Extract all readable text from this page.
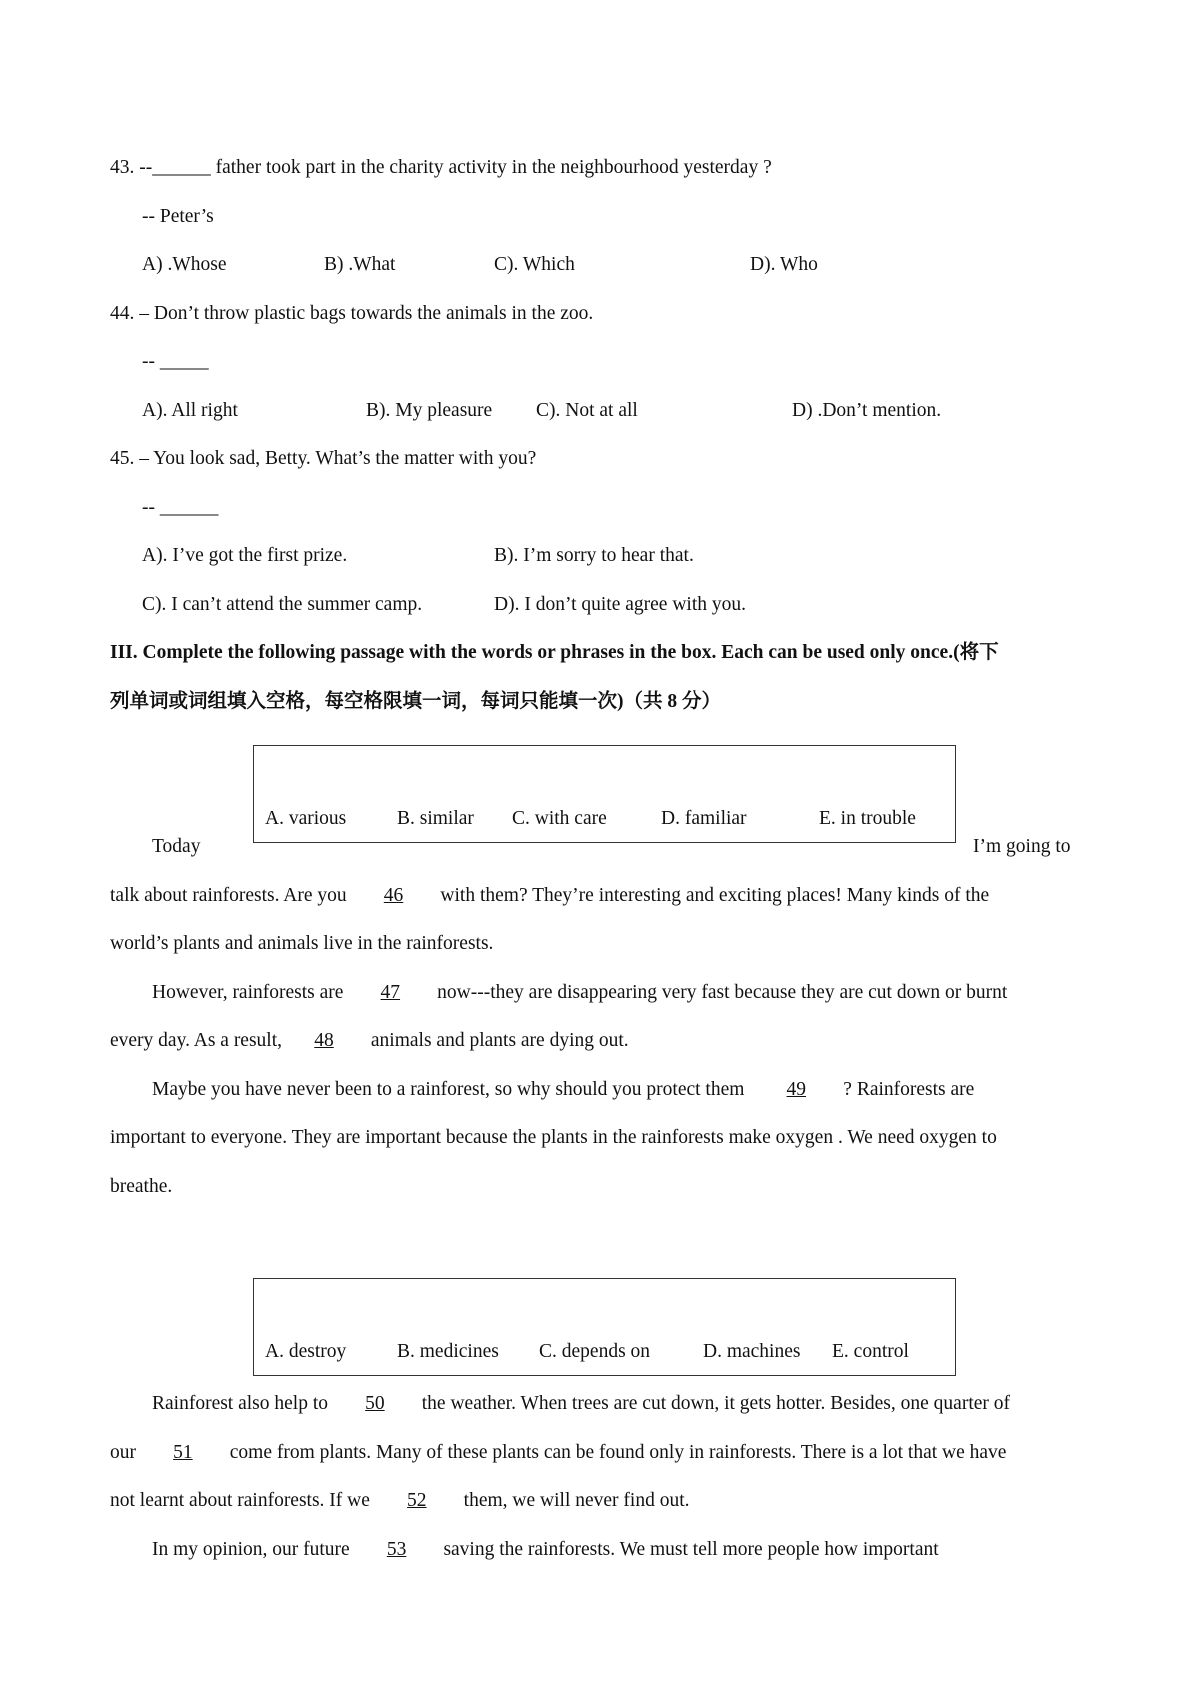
43. --______ father took part in the charity activity in the neighbourhood yesterday ?
-- Peter’s
A) .Whose	B) .What	C). Which	D). Who
44. – Don’t throw plastic bags towards the animals in the zoo.
-- _____
A). All right	B). My pleasure C). Not at all	D) .Don’t mention.
45. – You look sad, Betty. What’s the matter with you?
-- ______
A). I’ve got the first prize.	B). I’m sorry to hear that.
C). I can’t attend the summer camp.	D). I don’t quite agree with you.
III. Complete the following passage with the words or phrases in the box. Each can be used only once.(将下
列单词或词组填入空格，每空格限填一词，每词只能填一次)（共 8 分）
A. various	B. similar C. with care	D. familiar	E. in trouble
Today	I’m going to
talk about rainforests. Are you 46 with them? They’re interesting and exciting places! Many kinds of the
world’s plants and animals live in the rainforests.
However, rainforests are 47 now---they are disappearing very fast because they are cut down or burnt
every day. As a result, 48 animals and plants are dying out.
Maybe you have never been to a rainforest, so why should you protect them 49 ? Rainforests are
important to everyone. They are important because the plants in the rainforests make oxygen . We need oxygen to
breathe.
A. destroy	B. medicines C. depends on	D. machines E. control
Rainforest also help to 50 the weather. When trees are cut down, it gets hotter. Besides, one quarter of
our 51 come from plants. Many of these plants can be found only in rainforests. There is a lot that we have
not learnt about rainforests. If we 52 them, we will never find out.
In my opinion, our future 53 saving the rainforests. We must tell more people how important
